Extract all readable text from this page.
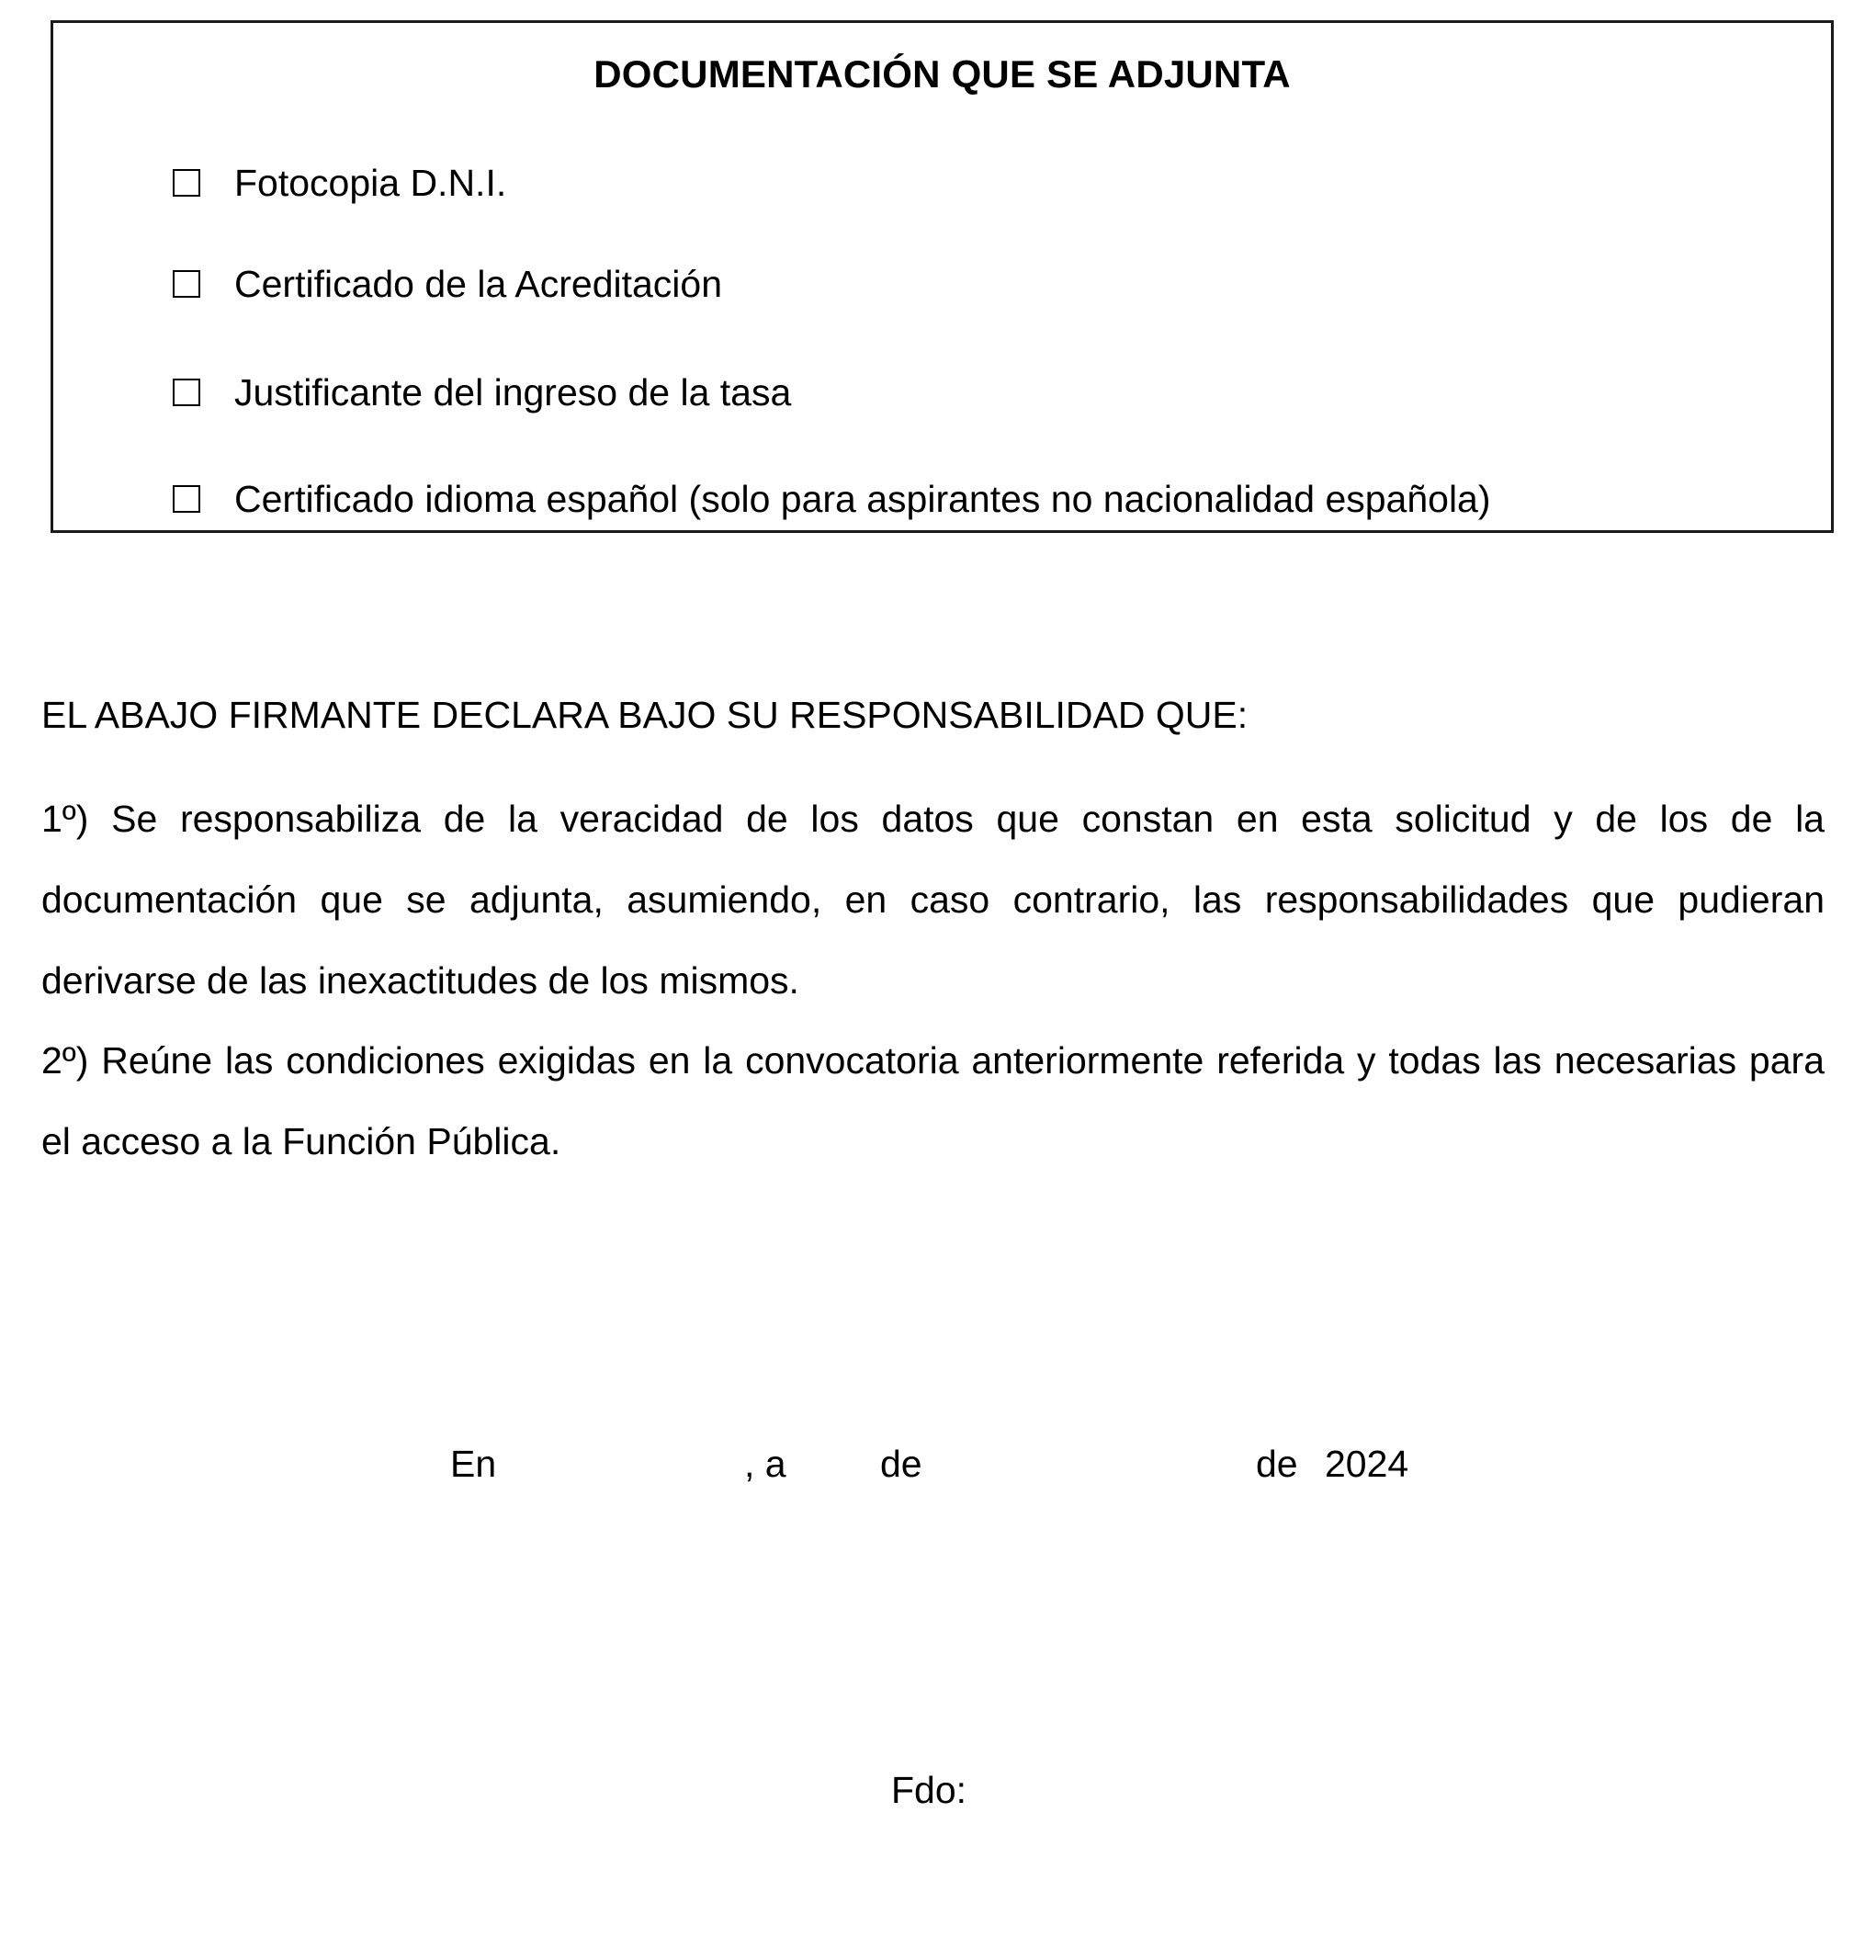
DOCUMENTACIÓN QUE SE ADJUNTA
Fotocopia D.N.I.
Certificado de la Acreditación
Justificante del ingreso de la tasa
Certificado idioma español (solo para aspirantes no nacionalidad española)
EL ABAJO FIRMANTE DECLARA BAJO SU RESPONSABILIDAD QUE:
1º) Se responsabiliza de la veracidad de los datos que constan en esta solicitud y de los de la documentación que se adjunta, asumiendo, en caso contrario, las responsabilidades que pudieran derivarse de las inexactitudes de los mismos.
2º) Reúne las condiciones exigidas en la convocatoria anteriormente referida y todas las necesarias para el acceso a la Función Pública.
En	, a de	de 2024
Fdo:
